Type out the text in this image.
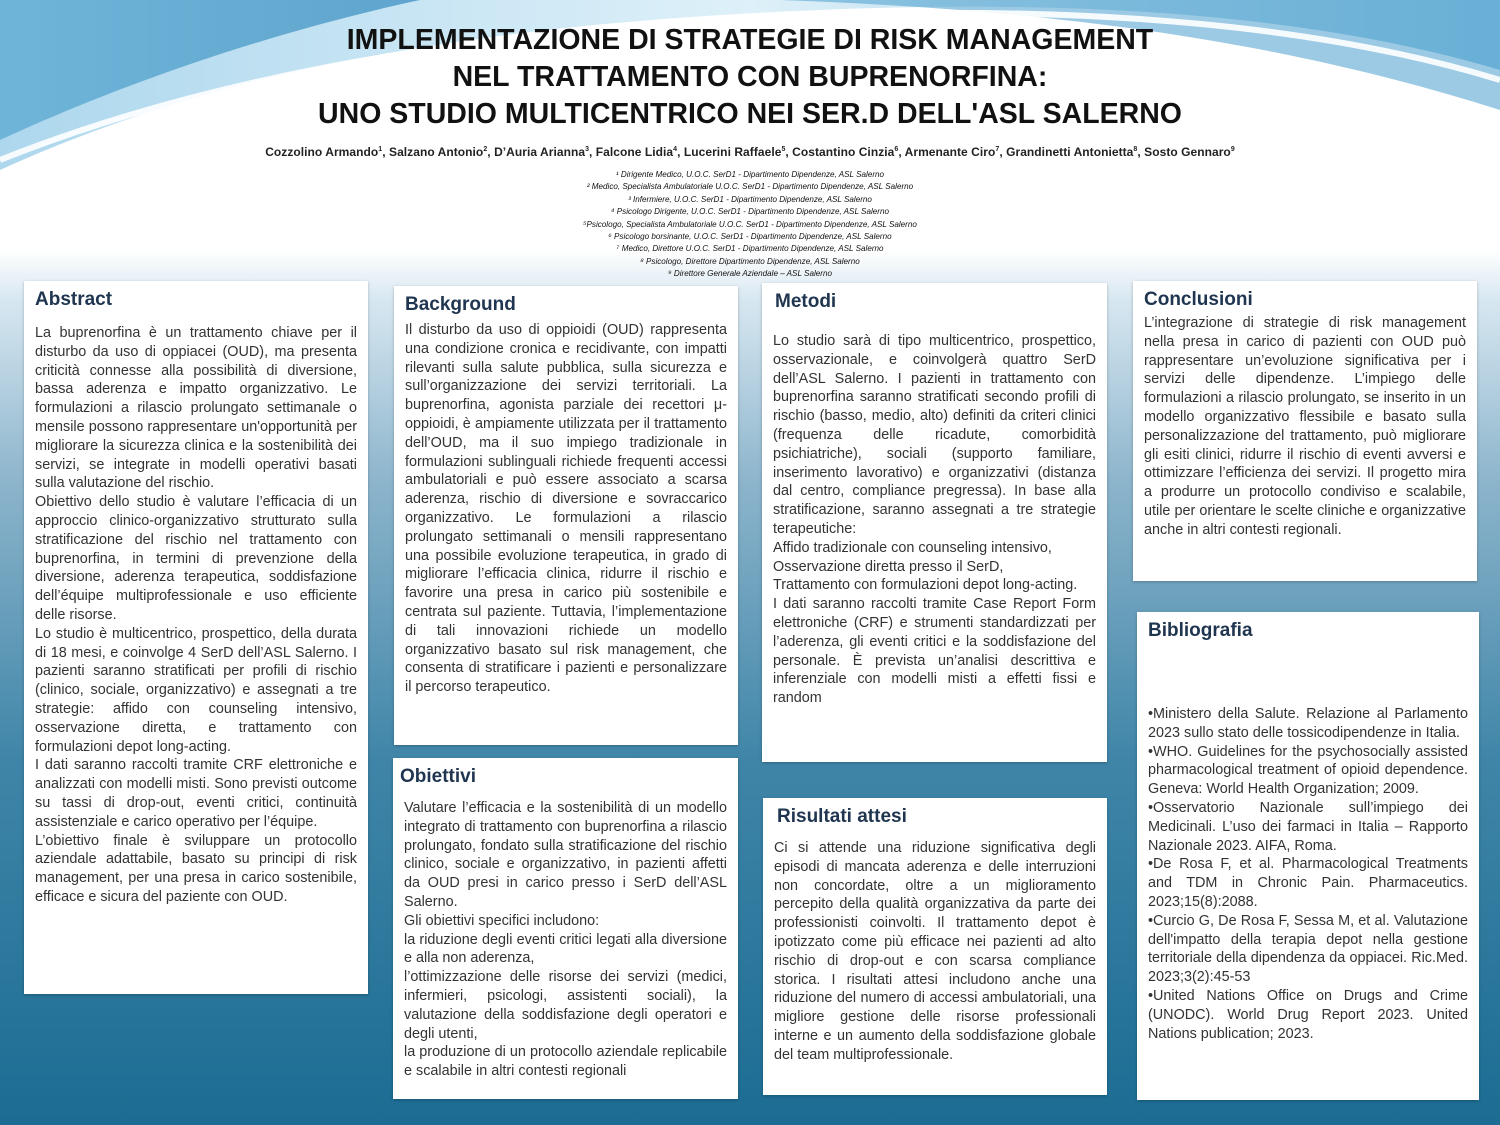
IMPLEMENTAZIONE DI STRATEGIE DI RISK MANAGEMENT
NEL TRATTAMENTO CON BUPRENORFINA:
UNO STUDIO MULTICENTRICO NEI SER.D DELL'ASL SALERNO
Cozzolino Armando$^1$, Salzano Antonio$^2$, D’Auria Arianna$^3$, Falcone Lidia$^4$, Lucerini Raffaele$^5$, Costantino Cinzia$^6$, Armenante Ciro$^7$, Grandinetti Antonietta$^8$, Sosto Gennaro$^9$
¹ Dirigente Medico, U.O.C. SerD1 - Dipartimento Dipendenze, ASL Salerno
² Medico, Specialista Ambulatoriale U.O.C. SerD1 - Dipartimento Dipendenze, ASL Salerno
³ Infermiere, U.O.C. SerD1 - Dipartimento Dipendenze, ASL Salerno
⁴ Psicologo Dirigente, U.O.C. SerD1 - Dipartimento Dipendenze, ASL Salerno
⁵Psicologo, Specialista Ambulatoriale U.O.C. SerD1 - Dipartimento Dipendenze, ASL Salerno
⁶ Psicologo borsinante, U.O.C. SerD1 - Dipartimento Dipendenze, ASL Salerno
⁷ Medico, Direttore U.O.C. SerD1 - Dipartimento Dipendenze, ASL Salerno
⁸ Psicologo, Direttore Dipartimento Dipendenze, ASL Salerno
⁹ Direttore Generale Aziendale – ASL Salerno
Abstract

La buprenorfina è un trattamento chiave per il disturbo da uso di oppiacei (OUD), ma presenta criticità connesse alla possibilità di diversione, bassa aderenza e impatto organizzativo. Le formulazioni a rilascio prolungato settimanale o mensile possono rappresentare un'opportunità per migliorare la sicurezza clinica e la sostenibilità dei servizi, se integrate in modelli operativi basati sulla valutazione del rischio.

Obiettivo dello studio è valutare l’efficacia di un approccio clinico-organizzativo strutturato sulla stratificazione del rischio nel trattamento con buprenorfina, in termini di prevenzione della diversione, aderenza terapeutica, soddisfazione dell’équipe multiprofessionale e uso efficiente delle risorse.

Lo studio è multicentrico, prospettico, della durata di 18 mesi, e coinvolge 4 SerD dell’ASL Salerno. I pazienti saranno stratificati per profili di rischio (clinico, sociale, organizzativo) e assegnati a tre strategie: affido con counseling intensivo, osservazione diretta, e trattamento con formulazioni depot long-acting.

I dati saranno raccolti tramite CRF elettroniche e analizzati con modelli misti. Sono previsti outcome su tassi di drop-out, eventi critici, continuità assistenziale e carico operativo per l’équipe.

L’obiettivo finale è sviluppare un protocollo aziendale adattabile, basato su principi di risk management, per una presa in carico sostenibile, efficace e sicura del paziente con OUD.

Background

Il disturbo da uso di oppioidi (OUD) rappresenta una condizione cronica e recidivante, con impatti rilevanti sulla salute pubblica, sulla sicurezza e sull’organizzazione dei servizi territoriali. La buprenorfina, agonista parziale dei recettori μ-oppioidi, è ampiamente utilizzata per il trattamento dell’OUD, ma il suo impiego tradizionale in formulazioni sublinguali richiede frequenti accessi ambulatoriali e può essere associato a scarsa aderenza, rischio di diversione e sovraccarico organizzativo. Le formulazioni a rilascio prolungato settimanali o mensili rappresentano una possibile evoluzione terapeutica, in grado di migliorare l’efficacia clinica, ridurre il rischio e favorire una presa in carico più sostenibile e centrata sul paziente. Tuttavia, l’implementazione di tali innovazioni richiede un modello organizzativo basato sul risk management, che consenta di stratificare i pazienti e personalizzare il percorso terapeutico.

Obiettivi

Valutare l’efficacia e la sostenibilità di un modello integrato di trattamento con buprenorfina a rilascio prolungato, fondato sulla stratificazione del rischio clinico, sociale e organizzativo, in pazienti affetti da OUD presi in carico presso i SerD dell’ASL Salerno.

Gli obiettivi specifici includono:

la riduzione degli eventi critici legati alla diversione e alla non aderenza,

l’ottimizzazione delle risorse dei servizi (medici, infermieri, psicologi, assistenti sociali), la valutazione della soddisfazione degli operatori e degli utenti,

la produzione di un protocollo aziendale replicabile e scalabile in altri contesti regionali

Metodi

Lo studio sarà di tipo multicentrico, prospettico, osservazionale, e coinvolgerà quattro SerD dell’ASL Salerno. I pazienti in trattamento con buprenorfina saranno stratificati secondo profili di rischio (basso, medio, alto) definiti da criteri clinici (frequenza delle ricadute, comorbidità psichiatriche), sociali (supporto familiare, inserimento lavorativo) e organizzativi (distanza dal centro, compliance pregressa). In base alla stratificazione, saranno assegnati a tre strategie terapeutiche:

Affido tradizionale con counseling intensivo,

Osservazione diretta presso il SerD,

Trattamento con formulazioni depot long-acting.

I dati saranno raccolti tramite Case Report Form elettroniche (CRF) e strumenti standardizzati per l’aderenza, gli eventi critici e la soddisfazione del personale. È prevista un’analisi descrittiva e inferenziale con modelli misti a effetti fissi e random

Risultati attesi

Ci si attende una riduzione significativa degli episodi di mancata aderenza e delle interruzioni non concordate, oltre a un miglioramento percepito della qualità organizzativa da parte dei professionisti coinvolti. Il trattamento depot è ipotizzato come più efficace nei pazienti ad alto rischio di drop-out e con scarsa compliance storica. I risultati attesi includono anche una riduzione del numero di accessi ambulatoriali, una migliore gestione delle risorse professionali interne e un aumento della soddisfazione globale del team multiprofessionale.

Conclusioni

L’integrazione di strategie di risk management nella presa in carico di pazienti con OUD può rappresentare un’evoluzione significativa per i servizi delle dipendenze. L’impiego delle formulazioni a rilascio prolungato, se inserito in un modello organizzativo flessibile e basato sulla personalizzazione del trattamento, può migliorare gli esiti clinici, ridurre il rischio di eventi avversi e ottimizzare l’efficienza dei servizi. Il progetto mira a produrre un protocollo condiviso e scalabile, utile per orientare le scelte cliniche e organizzative anche in altri contesti regionali.

Bibliografia

•Ministero della Salute. Relazione al Parlamento 2023 sullo stato delle tossicodipendenze in Italia.

•WHO. Guidelines for the psychosocially assisted pharmacological treatment of opioid dependence. Geneva: World Health Organization; 2009.

•Osservatorio Nazionale sull’impiego dei Medicinali. L’uso dei farmaci in Italia – Rapporto Nazionale 2023. AIFA, Roma.

•De Rosa F, et al. Pharmacological Treatments and TDM in Chronic Pain. Pharmaceutics. 2023;15(8):2088.

•Curcio G, De Rosa F, Sessa M, et al. Valutazione dell'impatto della terapia depot nella gestione territoriale della dipendenza da oppiacei. Ric.Med. 2023;3(2):45-53

•United Nations Office on Drugs and Crime (UNODC). World Drug Report 2023. United Nations publication; 2023.
